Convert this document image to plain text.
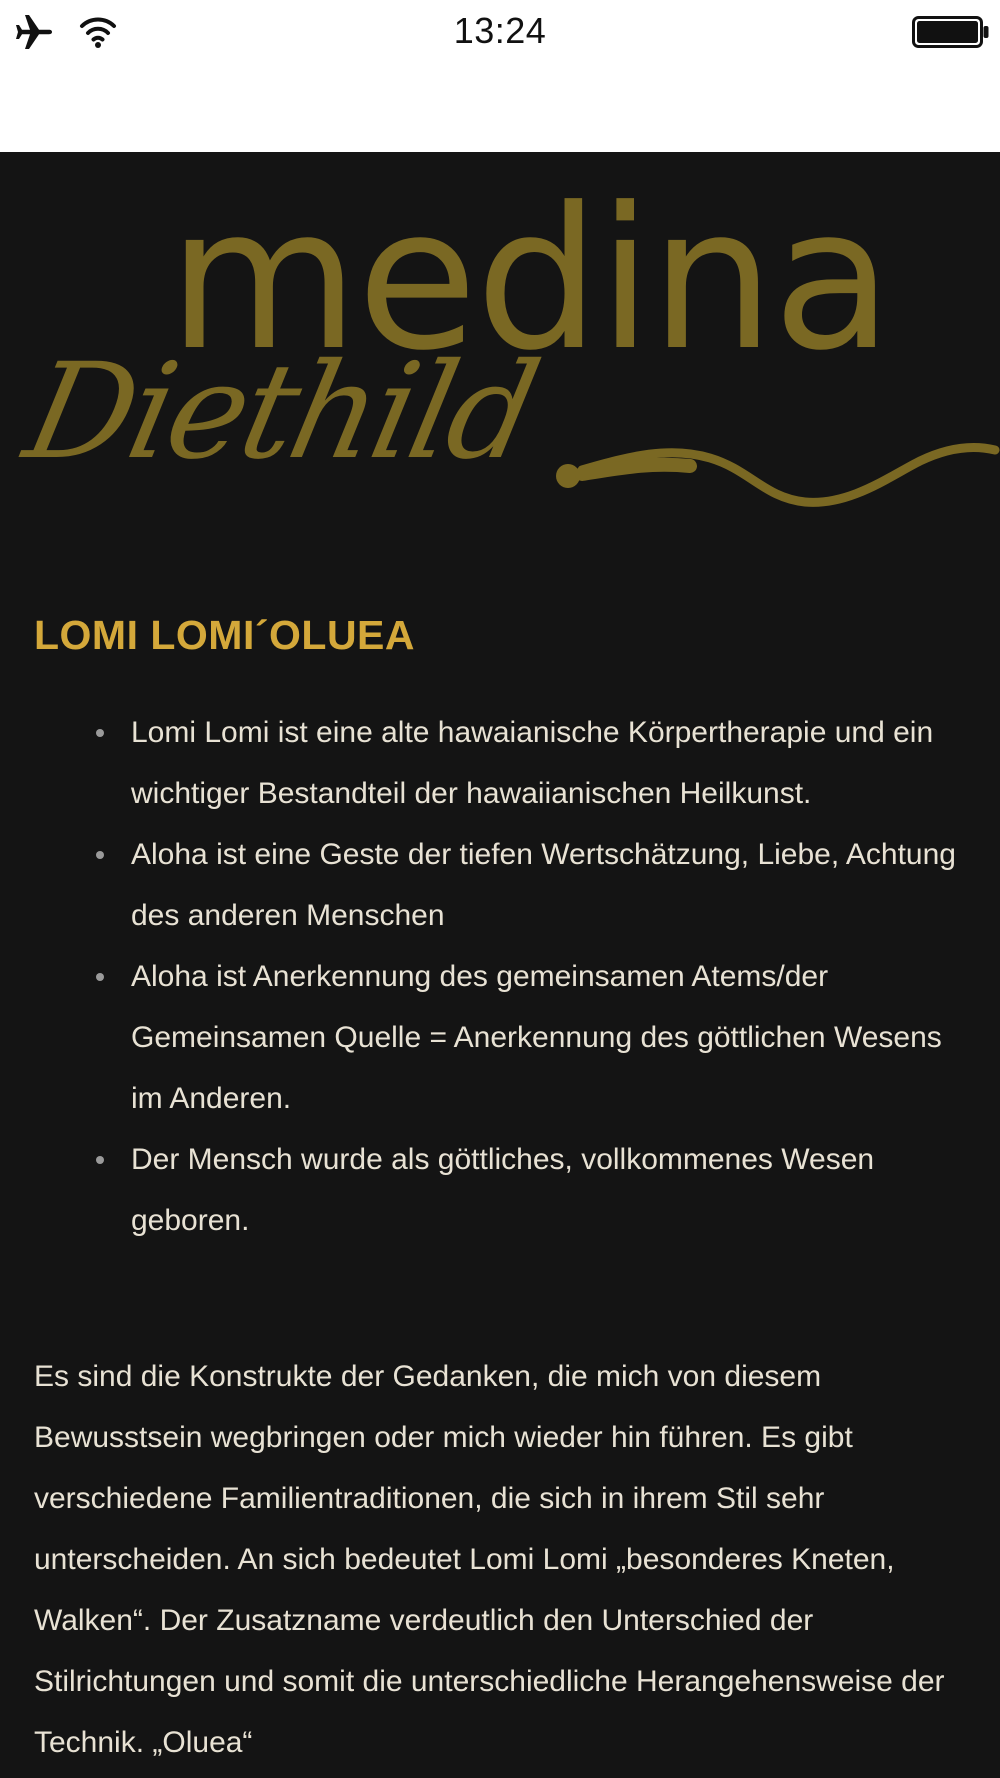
13:24
medina
Diethild
LOMI LOMI´OLUEA
Lomi Lomi ist eine alte hawaianische Körpertherapie und ein wichtiger Bestandteil der hawaiianischen Heilkunst.
Aloha ist eine Geste der tiefen Wertschätzung, Liebe, Achtung des anderen Menschen
Aloha ist Anerkennung des gemeinsamen Atems/der Gemeinsamen Quelle = Anerkennung des göttlichen Wesens im Anderen.
Der Mensch wurde als göttliches, vollkommenes Wesen geboren.

Es sind die Konstrukte der Gedanken, die mich von diesem Bewusstsein wegbringen oder mich wieder hin führen. Es gibt verschiedene Familientraditionen, die sich in ihrem Stil sehr unterscheiden. An sich bedeutet Lomi Lomi „besonderes Kneten, Walken“. Der Zusatzname verdeutlich den Unterschied der Stilrichtungen und somit die unterschiedliche Herangehensweise der Technik. „Oluea“
